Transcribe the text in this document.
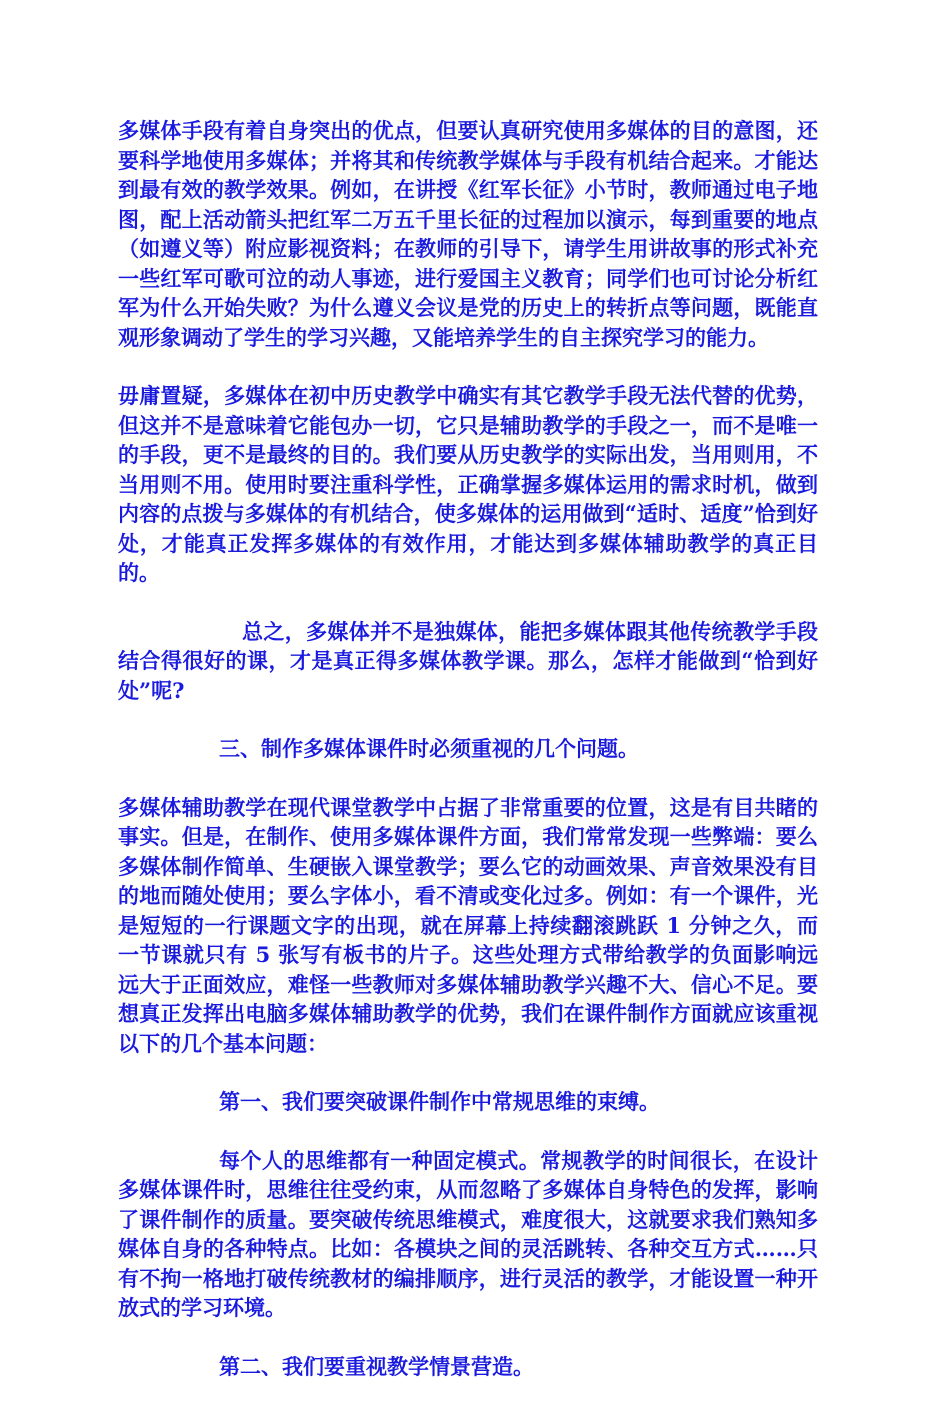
多媒体手段有着自身突出的优点，但要认真研究使用多媒体的目的意图，还要科学地使用多媒体；并将其和传统教学媒体与手段有机结合起来。才能达到最有效的教学效果。例如，在讲授《红军长征》小节时，教师通过电子地图，配上活动箭头把红军二万五千里长征的过程加以演示，每到重要的地点（如遵义等）附应影视资料；在教师的引导下，请学生用讲故事的形式补充一些红军可歌可泣的动人事迹，进行爱国主义教育；同学们也可讨论分析红军为什么开始失败？为什么遵义会议是党的历史上的转折点等问题，既能直观形象调动了学生的学习兴趣，又能培养学生的自主探究学习的能力。

毋庸置疑，多媒体在初中历史教学中确实有其它教学手段无法代替的优势，但这并不是意味着它能包办一切，它只是辅助教学的手段之一，而不是唯一的手段，更不是最终的目的。我们要从历史教学的实际出发，当用则用，不当用则不用。使用时要注重科学性，正确掌握多媒体运用的需求时机，做到内容的点拨与多媒体的有机结合，使多媒体的运用做到“适时、适度”恰到好处，才能真正发挥多媒体的有效作用，才能达到多媒体辅助教学的真正目的。

总之，多媒体并不是独媒体，能把多媒体跟其他传统教学手段结合得很好的课，才是真正得多媒体教学课。那么，怎样才能做到“恰到好处”呢?

三、制作多媒体课件时必须重视的几个问题。

多媒体辅助教学在现代课堂教学中占据了非常重要的位置，这是有目共睹的事实。但是，在制作、使用多媒体课件方面，我们常常发现一些弊端：要么多媒体制作简单、生硬嵌入课堂教学；要么它的动画效果、声音效果没有目的地而随处使用；要么字体小，看不清或变化过多。例如：有一个课件，光是短短的一行课题文字的出现，就在屏幕上持续翻滚跳跃 1 分钟之久，而一节课就只有 5 张写有板书的片子。这些处理方式带给教学的负面影响远远大于正面效应，难怪一些教师对多媒体辅助教学兴趣不大、信心不足。要想真正发挥出电脑多媒体辅助教学的优势，我们在课件制作方面就应该重视以下的几个基本问题：

第一、我们要突破课件制作中常规思维的束缚。

每个人的思维都有一种固定模式。常规教学的时间很长，在设计多媒体课件时，思维往往受约束，从而忽略了多媒体自身特色的发挥，影响了课件制作的质量。要突破传统思维模式，难度很大，这就要求我们熟知多媒体自身的各种特点。比如：各模块之间的灵活跳转、各种交互方式……只有不拘一格地打破传统教材的编排顺序，进行灵活的教学，才能设置一种开放式的学习环境。

第二、我们要重视教学情景营造。
